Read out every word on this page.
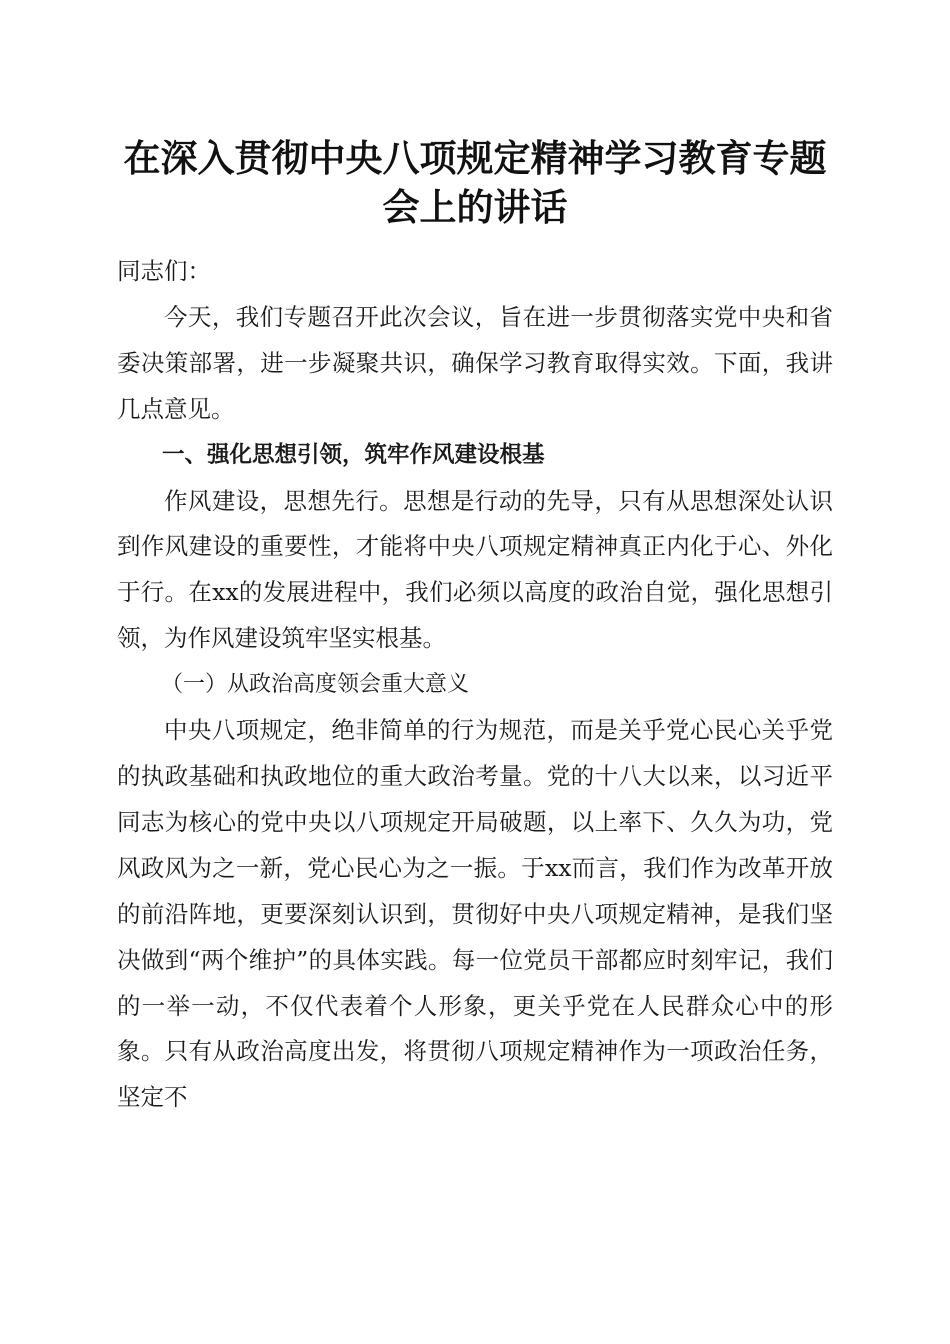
在深入贯彻中央八项规定精神学习教育专题会上的讲话

同志们：

今天，我们专题召开此次会议，旨在进一步贯彻落实党中央和省委决策部署，进一步凝聚共识，确保学习教育取得实效。下面，我讲几点意见。

一、强化思想引领，筑牢作风建设根基

作风建设，思想先行。思想是行动的先导，只有从思想深处认识到作风建设的重要性，才能将中央八项规定精神真正内化于心、外化于行。在xx的发展进程中，我们必须以高度的政治自觉，强化思想引领，为作风建设筑牢坚实根基。

（一）从政治高度领会重大意义

中央八项规定，绝非简单的行为规范，而是关乎党心民心关乎党的执政基础和执政地位的重大政治考量。党的十八大以来，以习近平同志为核心的党中央以八项规定开局破题，以上率下、久久为功，党风政风为之一新，党心民心为之一振。于xx而言，我们作为改革开放的前沿阵地，更要深刻认识到，贯彻好中央八项规定精神，是我们坚决做到“两个维护”的具体实践。每一位党员干部都应时刻牢记，我们的一举一动，不仅代表着个人形象，更关乎党在人民群众心中的形象。只有从政治高度出发，将贯彻八项规定精神作为一项政治任务，坚定不
